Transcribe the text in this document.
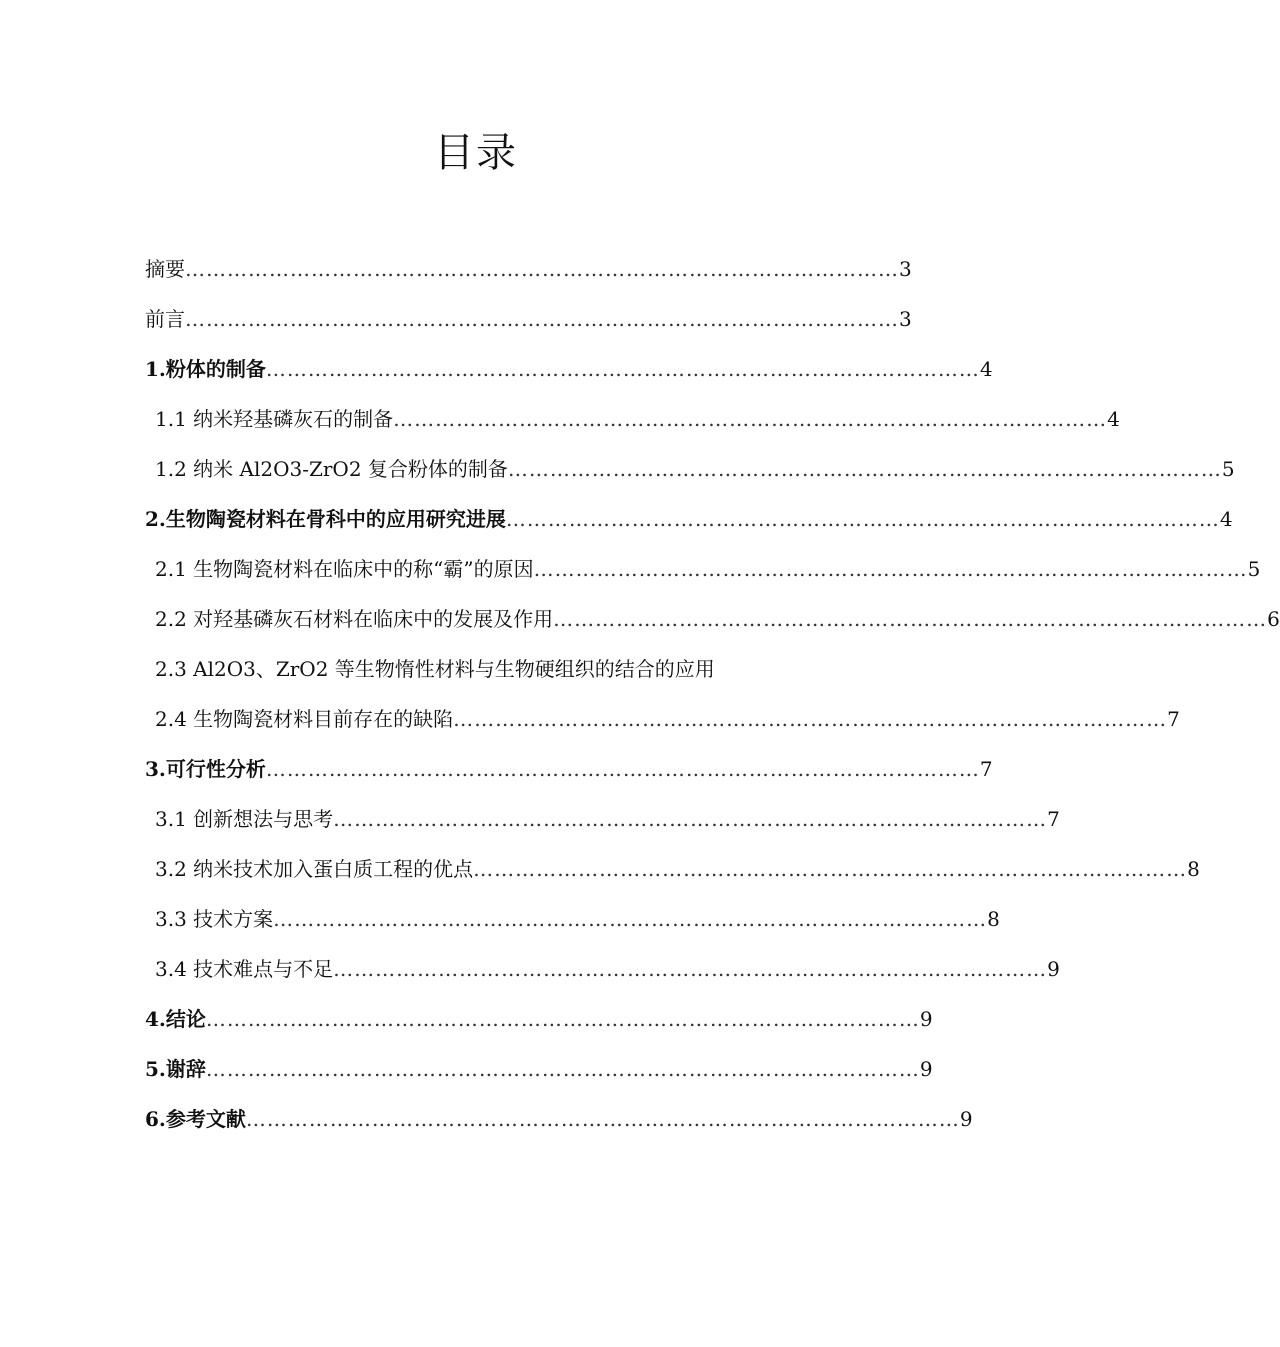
目录
摘要 ………………………………………………………………………………………… 3
前言 ………………………………………………………………………………………… 3
1.粉体的制备 ………………………………………………………………………………………… 4
1.1 纳米羟基磷灰石的制备 ………………………………………………………………………………………… 4
1.2 纳米 Al2O3-ZrO2 复合粉体的制备 ………………………………………………………………………………………… 5
2.生物陶瓷材料在骨科中的应用研究进展 ………………………………………………………………………………………… 4
2.1 生物陶瓷材料在临床中的称“霸”的原因 ………………………………………………………………………………………… 5
2.2 对羟基磷灰石材料在临床中的发展及作用 ………………………………………………………………………………………… 6
2.3 Al2O3、ZrO2 等生物惰性材料与生物硬组织的结合的应用
2.4 生物陶瓷材料目前存在的缺陷 ………………………………………………………………………………………… 7
3.可行性分析 ………………………………………………………………………………………… 7
3.1 创新想法与思考 ………………………………………………………………………………………… 7
3.2 纳米技术加入蛋白质工程的优点 ………………………………………………………………………………………… 8
3.3 技术方案 ………………………………………………………………………………………… 8
3.4 技术难点与不足 ………………………………………………………………………………………… 9
4.结论 ………………………………………………………………………………………… 9
5.谢辞 ………………………………………………………………………………………… 9
6.参考文献 ………………………………………………………………………………………… 9
